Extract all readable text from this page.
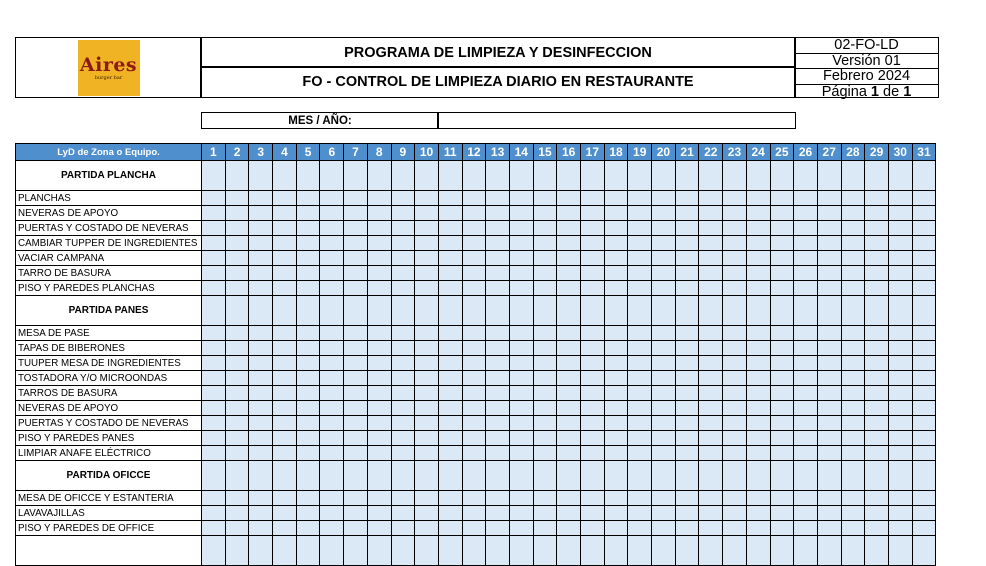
Aires
burger bar
PROGRAMA DE LIMPIEZA Y DESINFECCION
FO - CONTROL DE LIMPIEZA DIARIO EN RESTAURANTE
02-FO-LD
Versión 01
Febrero 2024
Página 1 de 1
MES / AÑO:
LyD de Zona o Equipo.	1	2	3	4	5	6	7	8	9	10	11	12	13	14	15	16	17	18	19	20	21	22	23	24	25	26	27	28	29	30	31
PARTIDA PLANCHA																															
PLANCHAS																															
NEVERAS DE APOYO																															
PUERTAS Y COSTADO DE NEVERAS																															
CAMBIAR TUPPER DE INGREDIENTES																															
VACIAR CAMPANA																															
TARRO DE BASURA																															
PISO Y PAREDES PLANCHAS																															
PARTIDA PANES																															
MESA DE PASE																															
TAPAS DE BIBERONES																															
TUUPER MESA DE INGREDIENTES																															
TOSTADORA Y/O MICROONDAS																															
TARROS DE BASURA																															
NEVERAS DE APOYO																															
PUERTAS Y COSTADO DE NEVERAS																															
PISO Y PAREDES PANES																															
LIMPIAR ANAFE ELÉCTRICO																															
PARTIDA OFICCE																															
MESA DE OFICCE Y ESTANTERIA																															
LAVAVAJILLAS																															
PISO Y PAREDES DE OFFICE																															
